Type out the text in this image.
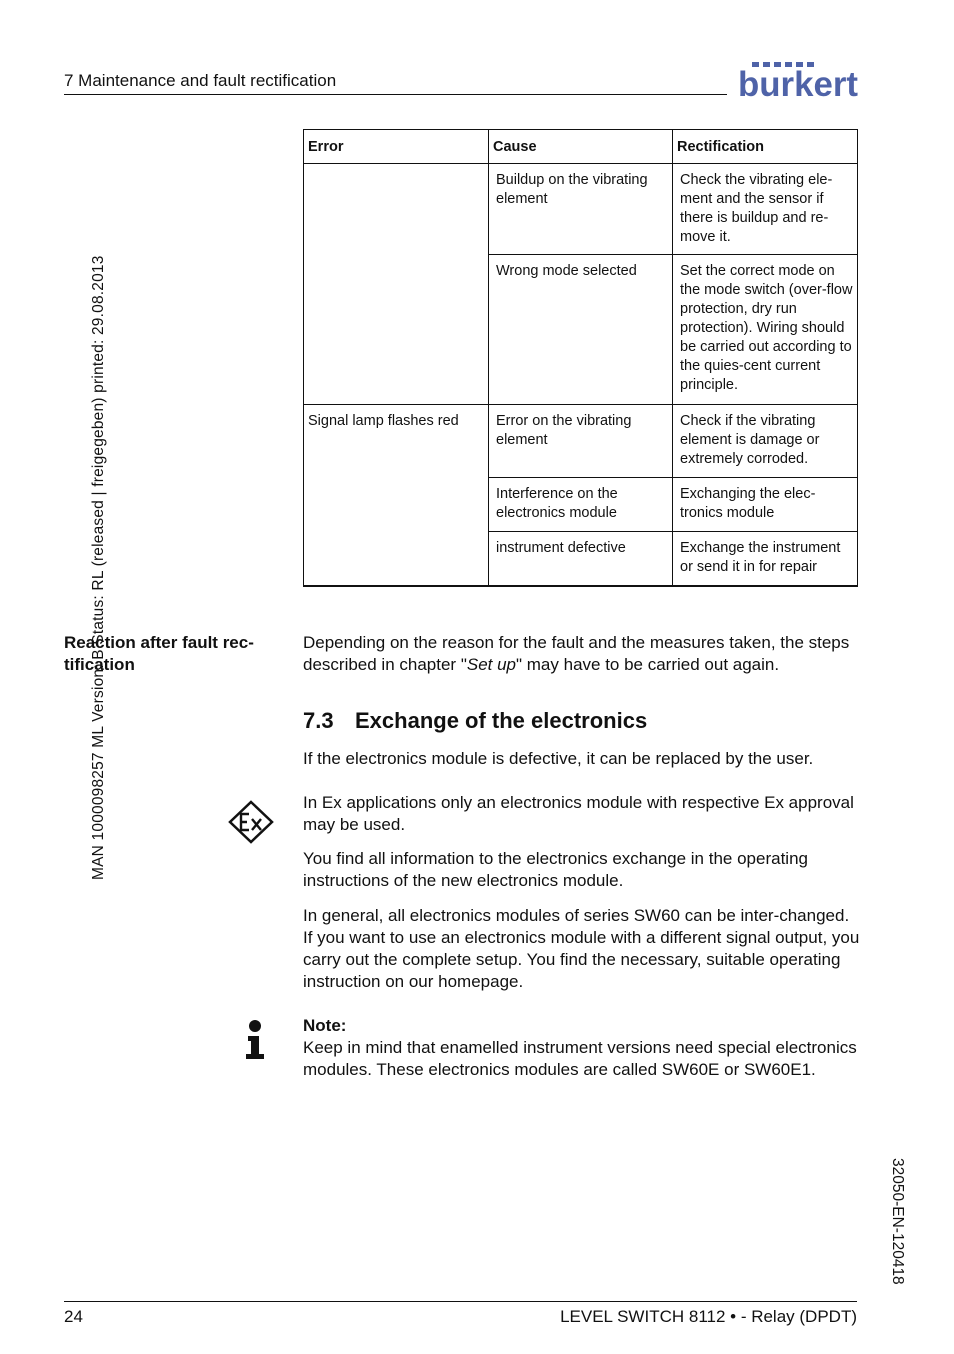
7 Maintenance and fault rectification	burkert
MAN 1000098257 ML Version: B Status: RL (released | freigegeben) printed: 29.08.2013
32050-EN-120418
Error	Cause	Rectification

	Buildup on the vibrating element	Check the vibrating ele-ment and the sensor if there is buildup and re-move it.

	Wrong mode selected	Set the correct mode on the mode switch (over-flow protection, dry run protection). Wiring should be carried out according to the quies-cent current principle.

Signal lamp flashes red	Error on the vibrating element	Check if the vibrating element is damage or extremely corroded.

	Interference on the electronics module	Exchanging the elec-tronics module

	instrument defective	Exchange the instrument or send it in for repair
Reaction after fault rec-tification
Depending on the reason for the fault and the measures taken, the steps described in chapter "Set up" may have to be carried out again.
7.3 Exchange of the electronics
If the electronics module is defective, it can be replaced by the user.
In Ex applications only an electronics module with respective Ex approval may be used.
You find all information to the electronics exchange in the operating instructions of the new electronics module.
In general, all electronics modules of series SW60 can be inter-changed. If you want to use an electronics module with a different signal output, you carry out the complete setup. You find the necessary, suitable operating instruction on our homepage.
Note:
Keep in mind that enamelled instrument versions need special electronics modules. These electronics modules are called SW60E or SW60E1.
24	LEVEL SWITCH 8112 • - Relay (DPDT)
